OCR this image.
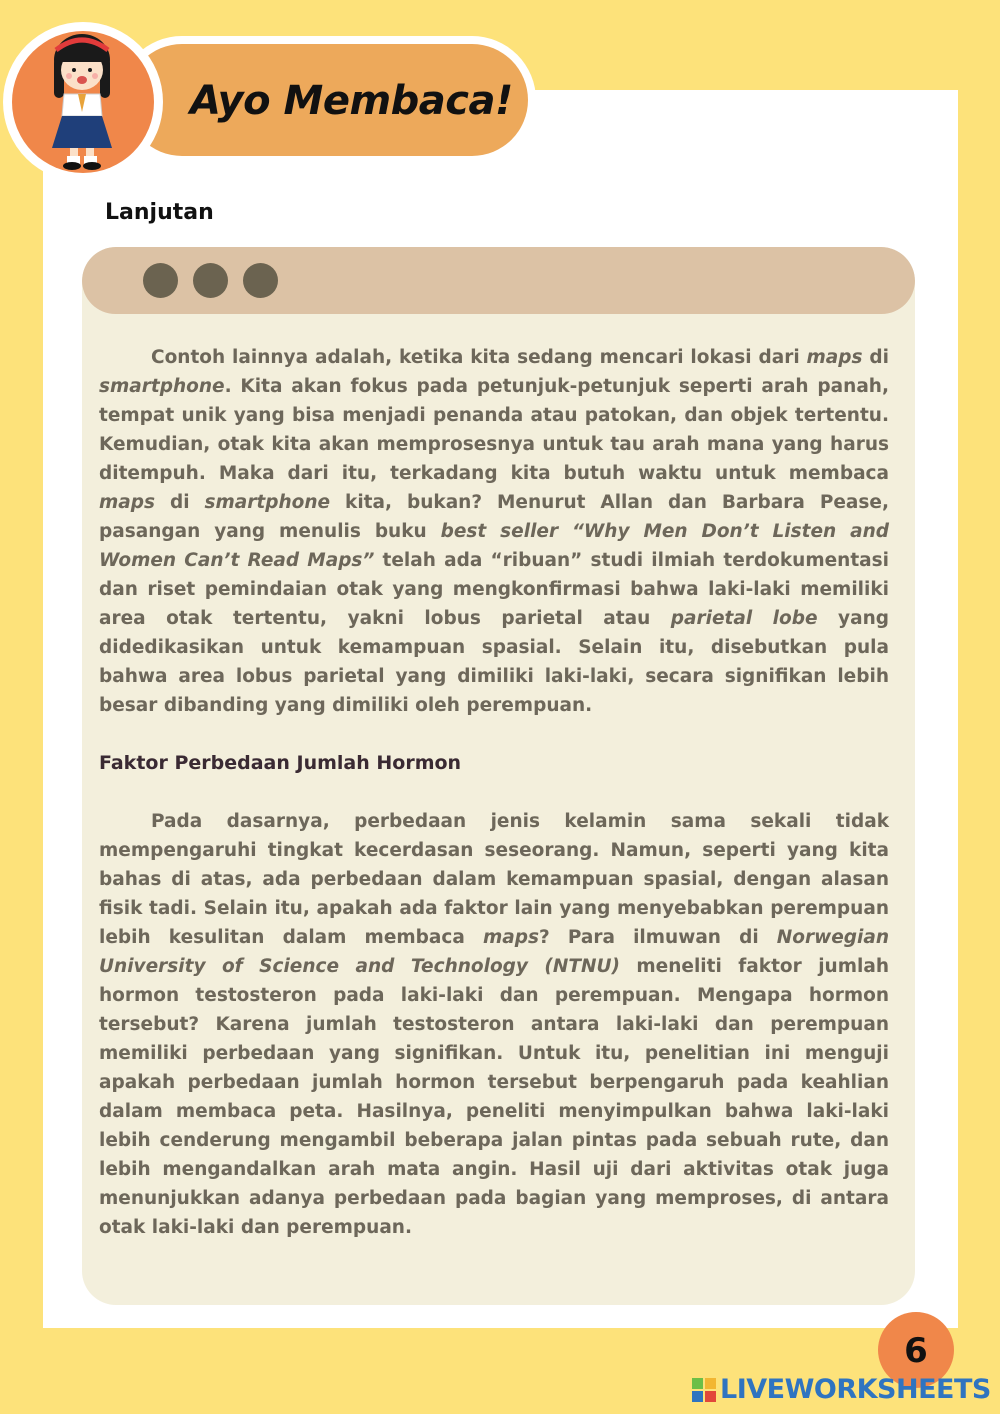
Ayo Membaca!
Lanjutan

Contoh lainnya adalah, ketika kita sedang mencari lokasi dari maps di smartphone. Kita akan fokus pada petunjuk-petunjuk seperti arah panah, tempat unik yang bisa menjadi penanda atau patokan, dan objek tertentu. Kemudian, otak kita akan memprosesnya untuk tau arah mana yang harus ditempuh. Maka dari itu, terkadang kita butuh waktu untuk membaca maps di smartphone kita, bukan? Menurut Allan dan Barbara Pease, pasangan yang menulis buku best seller “Why Men Don’t Listen and Women Can’t Read Maps” telah ada “ribuan” studi ilmiah terdokumentasi dan riset pemindaian otak yang mengkonfirmasi bahwa laki-laki memiliki area otak tertentu, yakni lobus parietal atau parietal lobe yang didedikasikan untuk kemampuan spasial. Selain itu, disebutkan pula bahwa area lobus parietal yang dimiliki laki-laki, secara signifikan lebih besar dibanding yang dimiliki oleh perempuan.

Faktor Perbedaan Jumlah Hormon

Pada dasarnya, perbedaan jenis kelamin sama sekali tidak mempengaruhi tingkat kecerdasan seseorang. Namun, seperti yang kita bahas di atas, ada perbedaan dalam kemampuan spasial, dengan alasan fisik tadi. Selain itu, apakah ada faktor lain yang menyebabkan perempuan lebih kesulitan dalam membaca maps? Para ilmuwan di Norwegian University of Science and Technology (NTNU) meneliti faktor jumlah hormon testosteron pada laki-laki dan perempuan. Mengapa hormon tersebut? Karena jumlah testosteron antara laki-laki dan perempuan memiliki perbedaan yang signifikan. Untuk itu, penelitian ini menguji apakah perbedaan jumlah hormon tersebut berpengaruh pada keahlian dalam membaca peta. Hasilnya, peneliti menyimpulkan bahwa laki-laki lebih cenderung mengambil beberapa jalan pintas pada sebuah rute, dan lebih mengandalkan arah mata angin. Hasil uji dari aktivitas otak juga menunjukkan adanya perbedaan pada bagian yang memproses, di antara otak laki-laki dan perempuan.

6
LIVEWORKSHEETS
